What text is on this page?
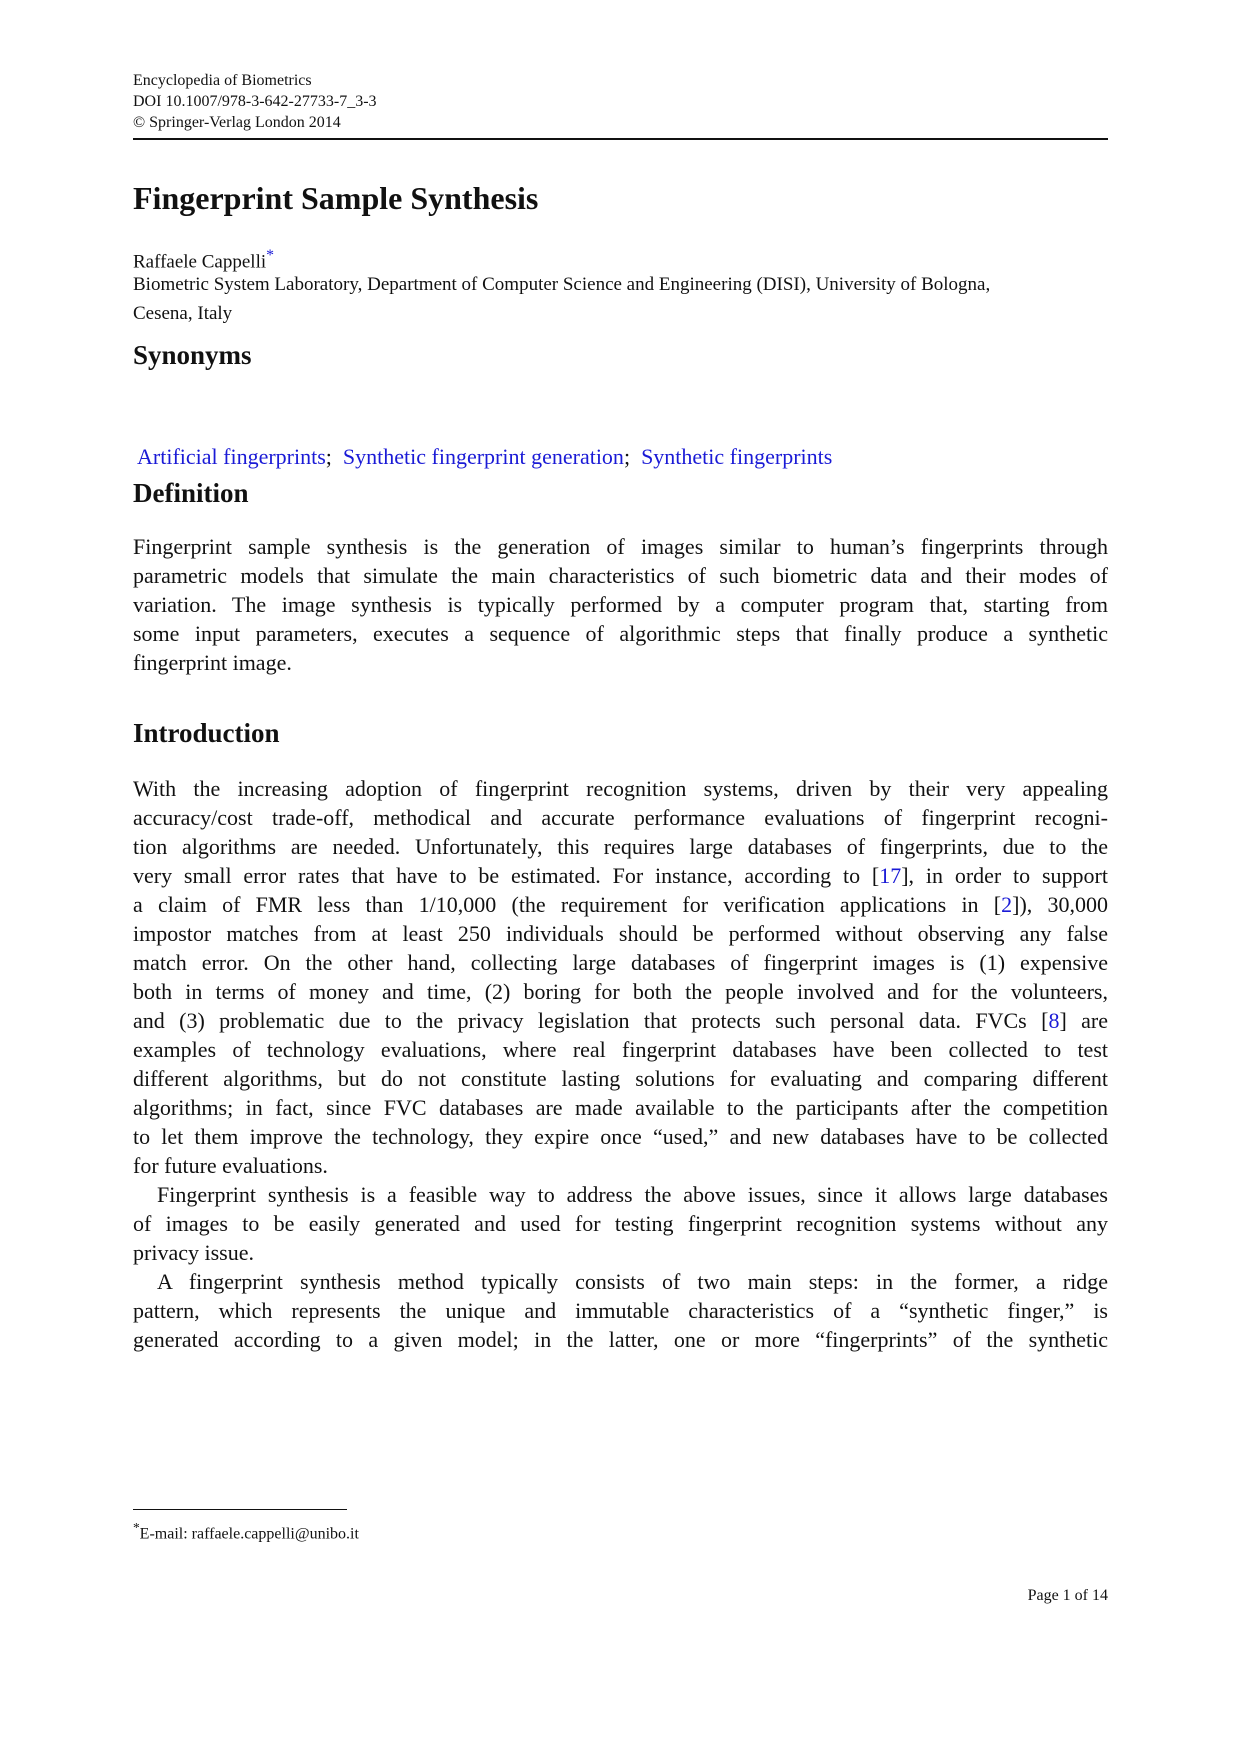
Encyclopedia of Biometrics
DOI 10.1007/978-3-642-27733-7_3-3
© Springer-Verlag London 2014
Fingerprint Sample Synthesis
Raffaele Cappelli*
Biometric System Laboratory, Department of Computer Science and Engineering (DISI), University of Bologna,
Cesena, Italy
Synonyms
Artificial fingerprints; Synthetic fingerprint generation; Synthetic fingerprints
Definition

Fingerprint sample synthesis is the generation of images similar to human’s fingerprints through

parametric models that simulate the main characteristics of such biometric data and their modes of

variation. The image synthesis is typically performed by a computer program that, starting from

some input parameters, executes a sequence of algorithmic steps that finally produce a synthetic

fingerprint image.

Introduction

With the increasing adoption of fingerprint recognition systems, driven by their very appealing

accuracy/cost trade-off, methodical and accurate performance evaluations of fingerprint recogni-

tion algorithms are needed. Unfortunately, this requires large databases of fingerprints, due to the

very small error rates that have to be estimated. For instance, according to [17], in order to support

a claim of FMR less than 1/10,000 (the requirement for verification applications in [2]), 30,000

impostor matches from at least 250 individuals should be performed without observing any false

match error. On the other hand, collecting large databases of fingerprint images is (1) expensive

both in terms of money and time, (2) boring for both the people involved and for the volunteers,

and (3) problematic due to the privacy legislation that protects such personal data. FVCs [8] are

examples of technology evaluations, where real fingerprint databases have been collected to test

different algorithms, but do not constitute lasting solutions for evaluating and comparing different

algorithms; in fact, since FVC databases are made available to the participants after the competition

to let them improve the technology, they expire once “used,” and new databases have to be collected

for future evaluations.

Fingerprint synthesis is a feasible way to address the above issues, since it allows large databases

of images to be easily generated and used for testing fingerprint recognition systems without any

privacy issue.

A fingerprint synthesis method typically consists of two main steps: in the former, a ridge

pattern, which represents the unique and immutable characteristics of a “synthetic finger,” is

generated according to a given model; in the latter, one or more “fingerprints” of the synthetic

*E-mail: raffaele.cappelli@unibo.it
Page 1 of 14
